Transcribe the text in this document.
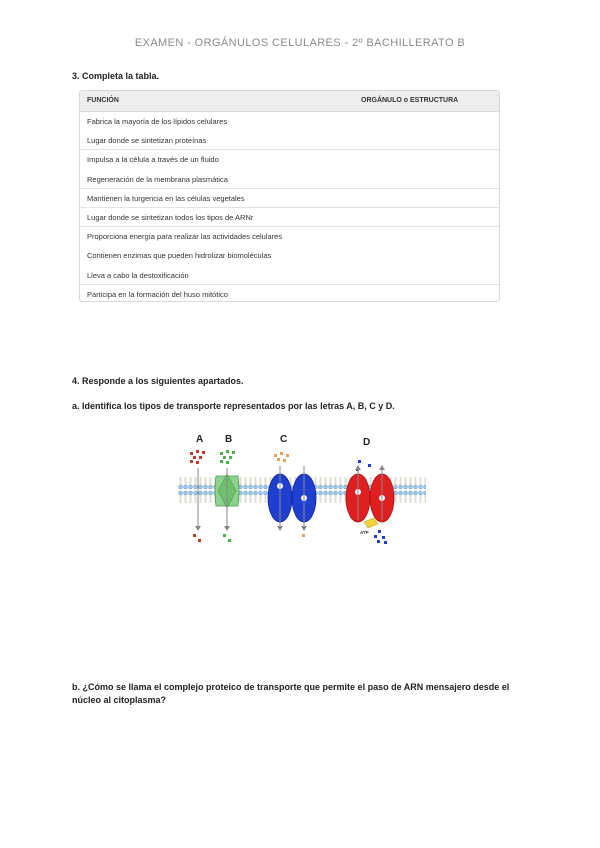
EXAMEN - ORGÁNULOS CELULARES - 2º BACHILLERATO B
3. Completa la tabla.
FUNCIÓN	ORGÁNULO o ESTRUCTURA
Fabrica la mayoría de los lípidos celulares
Lugar donde se sintetizan proteínas
Impulsa a la célula a través de un fluido
Regeneración de la membrana plasmática
Mantienen la turgencia en las células vegetales
Lugar donde se sintetizan todos los tipos de ARNr
Proporciona energía para realizar las actividades celulares
Contienen enzimas que pueden hidrolizar biomoléculas
Lleva a cabo la destoxificación
Participa en la formación del huso mitótico
4. Responde a los siguientes apartados.
a. Identifica los tipos de transporte representados por las letras A, B, C y D.
A B	C	D
ATP
b. ¿Cómo se llama el complejo proteico de transporte que permite el paso de ARN mensajero desde el núcleo al citoplasma?
